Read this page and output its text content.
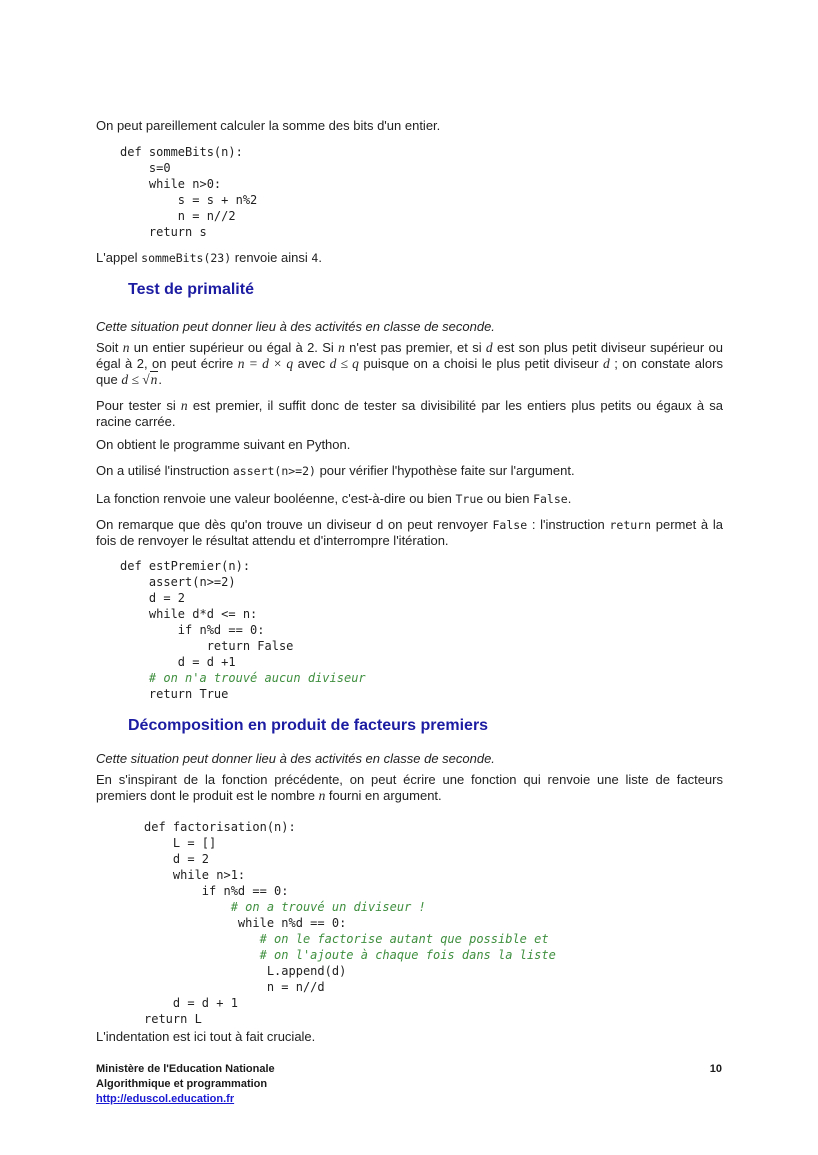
On peut pareillement calculer la somme des bits d'un entier.

def sommeBits(n):
s=0
while n>0:
s = s + n%2
n = n//2
return s

L'appel sommeBits(23) renvoie ainsi 4.

Test de primalité

Cette situation peut donner lieu à des activités en classe de seconde.

Soit n un entier supérieur ou égal à 2. Si n n'est pas premier, et si d est son plus petit diviseur supérieur ou égal à 2, on peut écrire n = d × q avec d ≤ q puisque on a choisi le plus petit diviseur d ; on constate alors que d ≤ √n.

Pour tester si n est premier, il suffit donc de tester sa divisibilité par les entiers plus petits ou égaux à sa racine carrée.

On obtient le programme suivant en Python.

On a utilisé l'instruction assert(n>=2) pour vérifier l'hypothèse faite sur l'argument.

La fonction renvoie une valeur booléenne, c'est-à-dire ou bien True ou bien False.

On remarque que dès qu'on trouve un diviseur d on peut renvoyer False : l'instruction return permet à la fois de renvoyer le résultat attendu et d'interrompre l'itération.

def estPremier(n):
assert(n>=2)
d = 2
while d*d <= n:
if n%d == 0:
return False
d = d +1
# on n'a trouvé aucun diviseur
return True
Décomposition en produit de facteurs premiers

Cette situation peut donner lieu à des activités en classe de seconde.

En s'inspirant de la fonction précédente, on peut écrire une fonction qui renvoie une liste de facteurs premiers dont le produit est le nombre n fourni en argument.

def factorisation(n):
L = []
d = 2
while n>1:
if n%d == 0:
# on a trouvé un diviseur !
while n%d == 0:
# on le factorise autant que possible et
# on l'ajoute à chaque fois dans la liste
L.append(d)
n = n//d
d = d + 1
return L

L'indentation est ici tout à fait cruciale.

Ministère de l'Education Nationale
Algorithmique et programmation
http://eduscol.education.fr
10
